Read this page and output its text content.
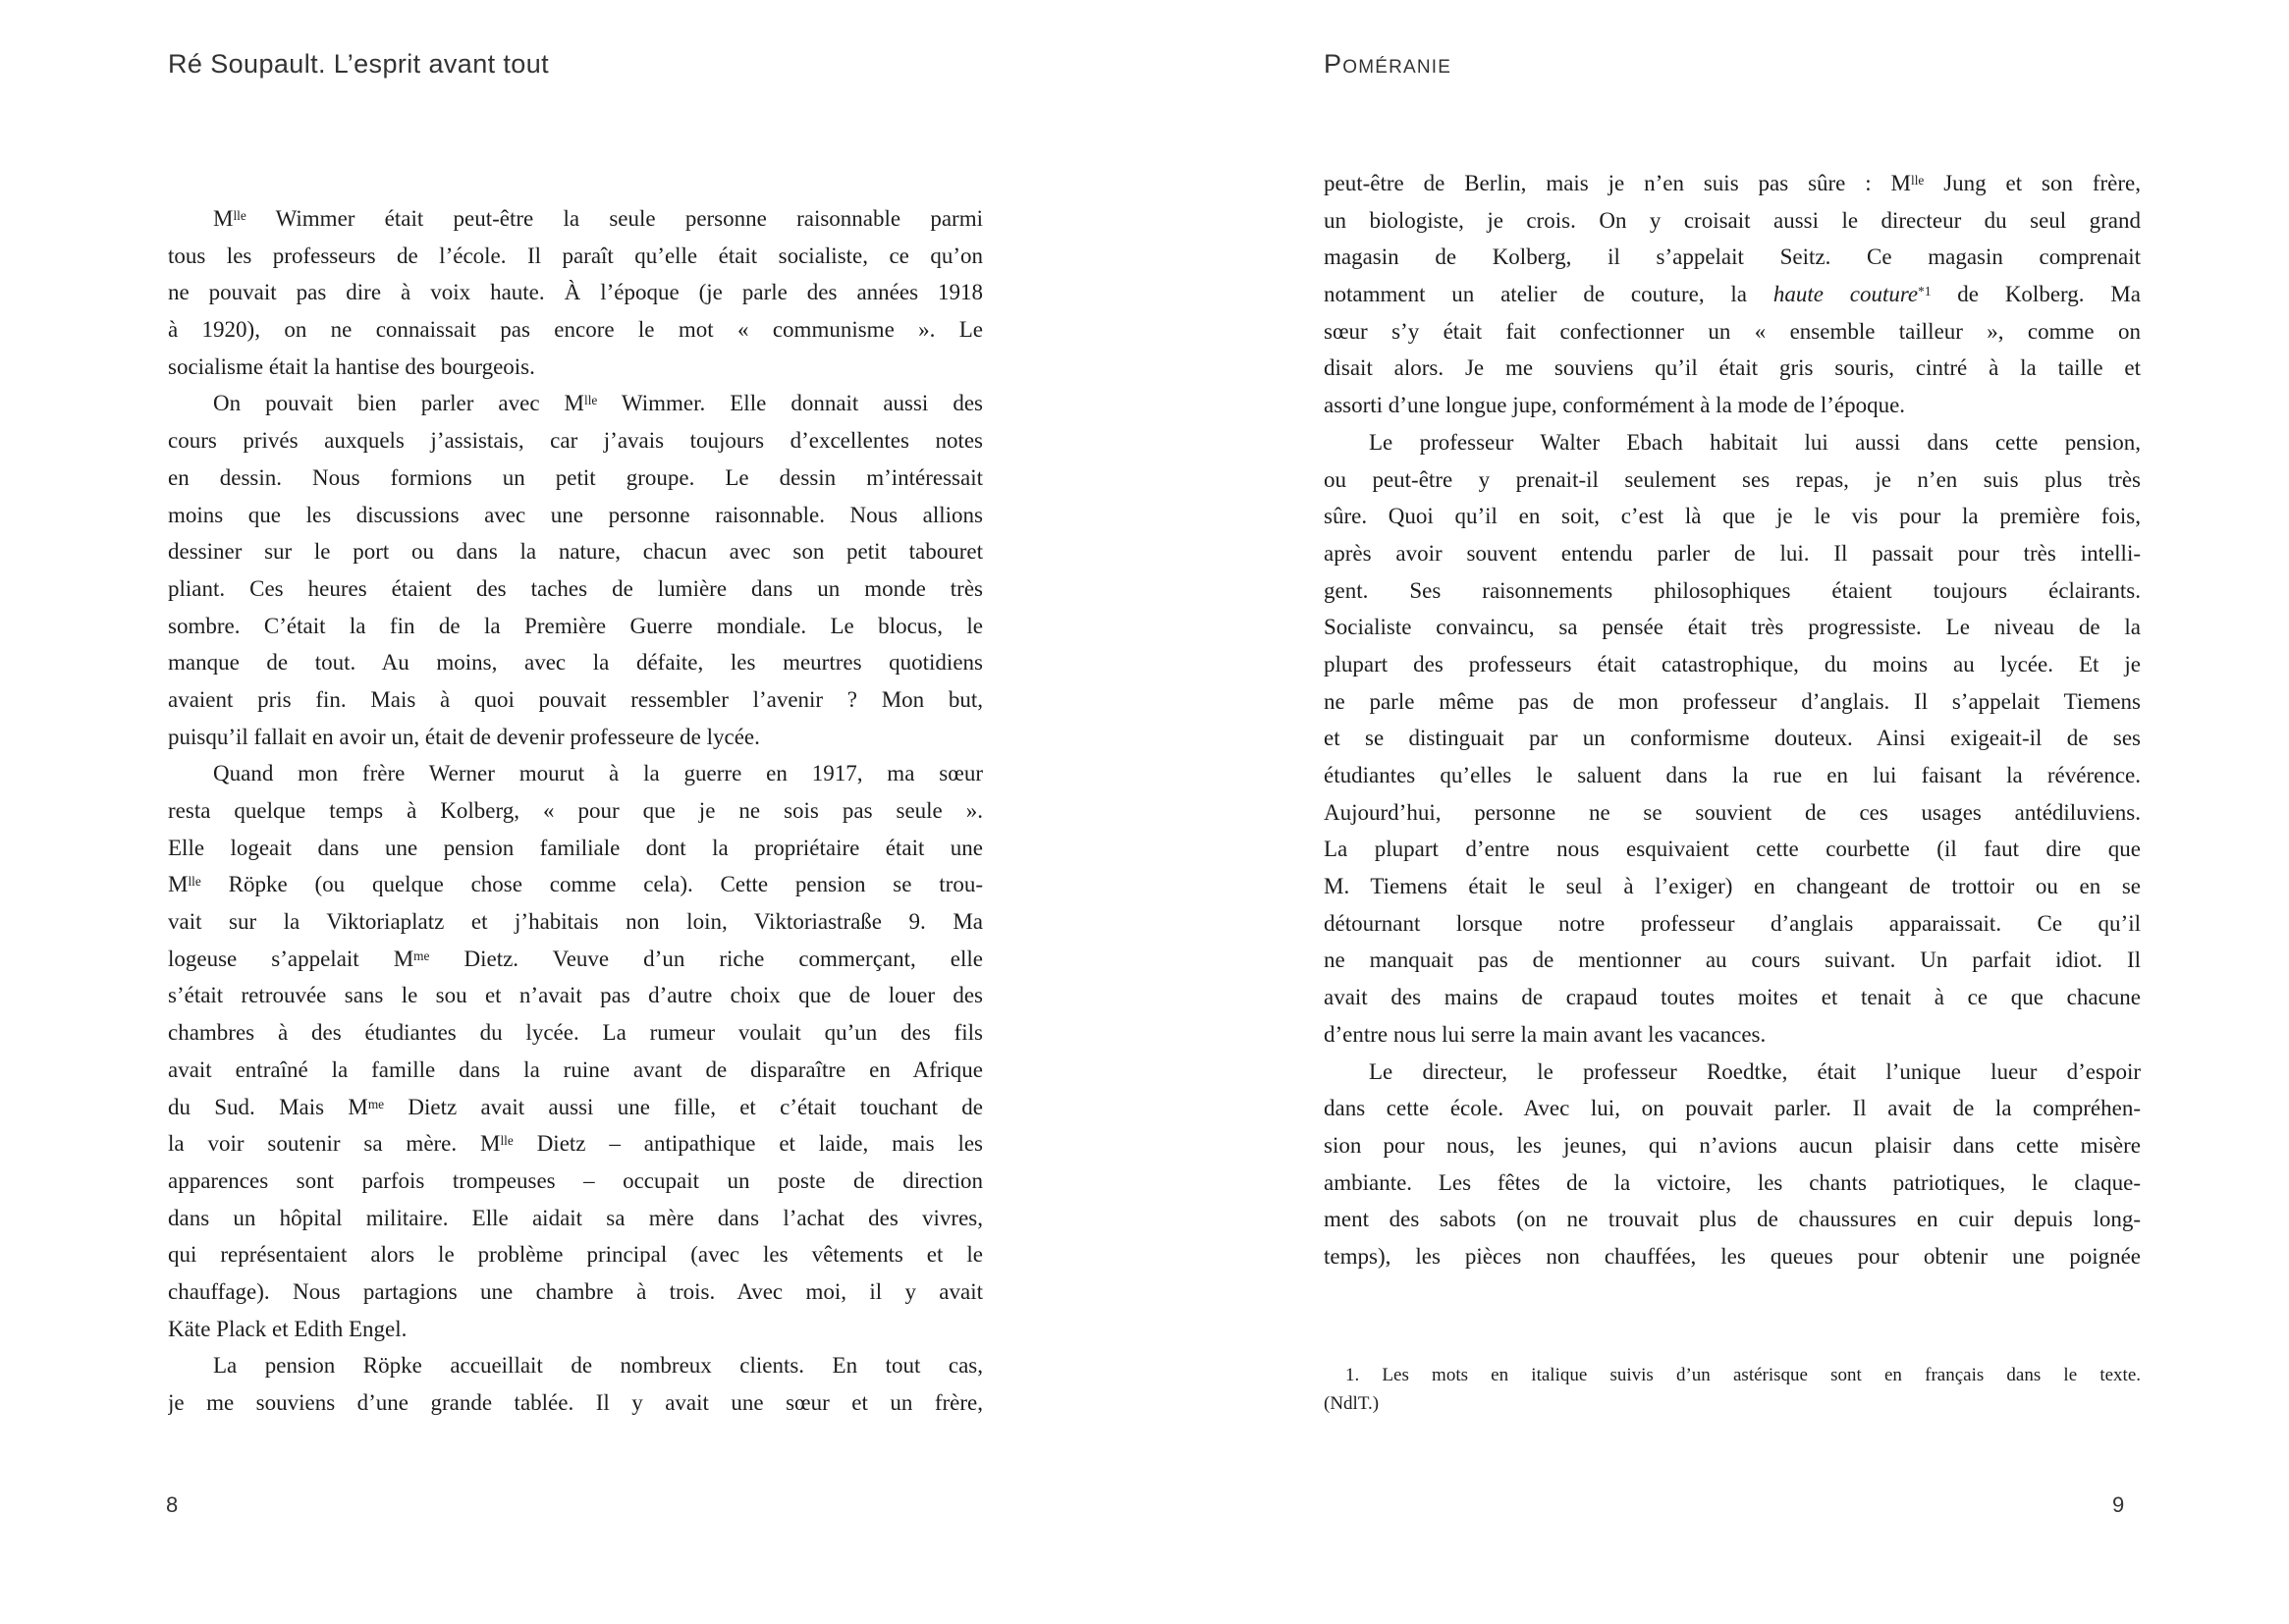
Ré Soupault. L’esprit avant tout	Poméranie
$M^{lle}$ Wimmer était peut-être la seule personne raisonnable parmi
tous les professeurs de l’école. Il paraît qu’elle était socialiste, ce qu’on
ne pouvait pas dire à voix haute. À l’époque (je parle des années 1918
à 1920), on ne connaissait pas encore le mot « communisme ». Le
socialisme était la hantise des bourgeois.
On pouvait bien parler avec $M^{lle}$ Wimmer. Elle donnait aussi des
cours privés auxquels j’assistais, car j’avais toujours d’excellentes notes
en dessin. Nous formions un petit groupe. Le dessin m’intéressait
moins que les discussions avec une personne raisonnable. Nous allions
dessiner sur le port ou dans la nature, chacun avec son petit tabouret
pliant. Ces heures étaient des taches de lumière dans un monde très
sombre. C’était la fin de la Première Guerre mondiale. Le blocus, le
manque de tout. Au moins, avec la défaite, les meurtres quotidiens
avaient pris fin. Mais à quoi pouvait ressembler l’avenir ? Mon but,
puisqu’il fallait en avoir un, était de devenir professeure de lycée.
Quand mon frère Werner mourut à la guerre en 1917, ma sœur
resta quelque temps à Kolberg, « pour que je ne sois pas seule ».
Elle logeait dans une pension familiale dont la propriétaire était une
$M^{lle}$ Röpke (ou quelque chose comme cela). Cette pension se trou-
vait sur la Viktoriaplatz et j’habitais non loin, Viktoriastraße 9. Ma
logeuse s’appelait $M^{me}$ Dietz. Veuve d’un riche commerçant, elle
s’était retrouvée sans le sou et n’avait pas d’autre choix que de louer des
chambres à des étudiantes du lycée. La rumeur voulait qu’un des fils
avait entraîné la famille dans la ruine avant de disparaître en Afrique
du Sud. Mais $M^{me}$ Dietz avait aussi une fille, et c’était touchant de
la voir soutenir sa mère. $M^{lle}$ Dietz – antipathique et laide, mais les
apparences sont parfois trompeuses – occupait un poste de direction
dans un hôpital militaire. Elle aidait sa mère dans l’achat des vivres,
qui représentaient alors le problème principal (avec les vêtements et le
chauffage). Nous partagions une chambre à trois. Avec moi, il y avait
Käte Plack et Edith Engel.
La pension Röpke accueillait de nombreux clients. En tout cas,
je me souviens d’une grande tablée. Il y avait une sœur et un frère,
peut-être de Berlin, mais je n’en suis pas sûre : $M^{lle}$ Jung et son frère,
un biologiste, je crois. On y croisait aussi le directeur du seul grand
magasin de Kolberg, il s’appelait Seitz. Ce magasin comprenait
notamment un atelier de couture, la haute couture$^{*1}$ de Kolberg. Ma
sœur s’y était fait confectionner un « ensemble tailleur », comme on
disait alors. Je me souviens qu’il était gris souris, cintré à la taille et
assorti d’une longue jupe, conformément à la mode de l’époque.
Le professeur Walter Ebach habitait lui aussi dans cette pension,
ou peut-être y prenait-il seulement ses repas, je n’en suis plus très
sûre. Quoi qu’il en soit, c’est là que je le vis pour la première fois,
après avoir souvent entendu parler de lui. Il passait pour très intelli-
gent. Ses raisonnements philosophiques étaient toujours éclairants.
Socialiste convaincu, sa pensée était très progressiste. Le niveau de la
plupart des professeurs était catastrophique, du moins au lycée. Et je
ne parle même pas de mon professeur d’anglais. Il s’appelait Tiemens
et se distinguait par un conformisme douteux. Ainsi exigeait-il de ses
étudiantes qu’elles le saluent dans la rue en lui faisant la révérence.
Aujourd’hui, personne ne se souvient de ces usages antédiluviens.
La plupart d’entre nous esquivaient cette courbette (il faut dire que
M. Tiemens était le seul à l’exiger) en changeant de trottoir ou en se
détournant lorsque notre professeur d’anglais apparaissait. Ce qu’il
ne manquait pas de mentionner au cours suivant. Un parfait idiot. Il
avait des mains de crapaud toutes moites et tenait à ce que chacune
d’entre nous lui serre la main avant les vacances.
Le directeur, le professeur Roedtke, était l’unique lueur d’espoir
dans cette école. Avec lui, on pouvait parler. Il avait de la compréhen-
sion pour nous, les jeunes, qui n’avions aucun plaisir dans cette misère
ambiante. Les fêtes de la victoire, les chants patriotiques, le claque-
ment des sabots (on ne trouvait plus de chaussures en cuir depuis long-
temps), les pièces non chauffées, les queues pour obtenir une poignée
1. Les mots en italique suivis d’un astérisque sont en français dans le texte.
(NdlT.)
8	9
